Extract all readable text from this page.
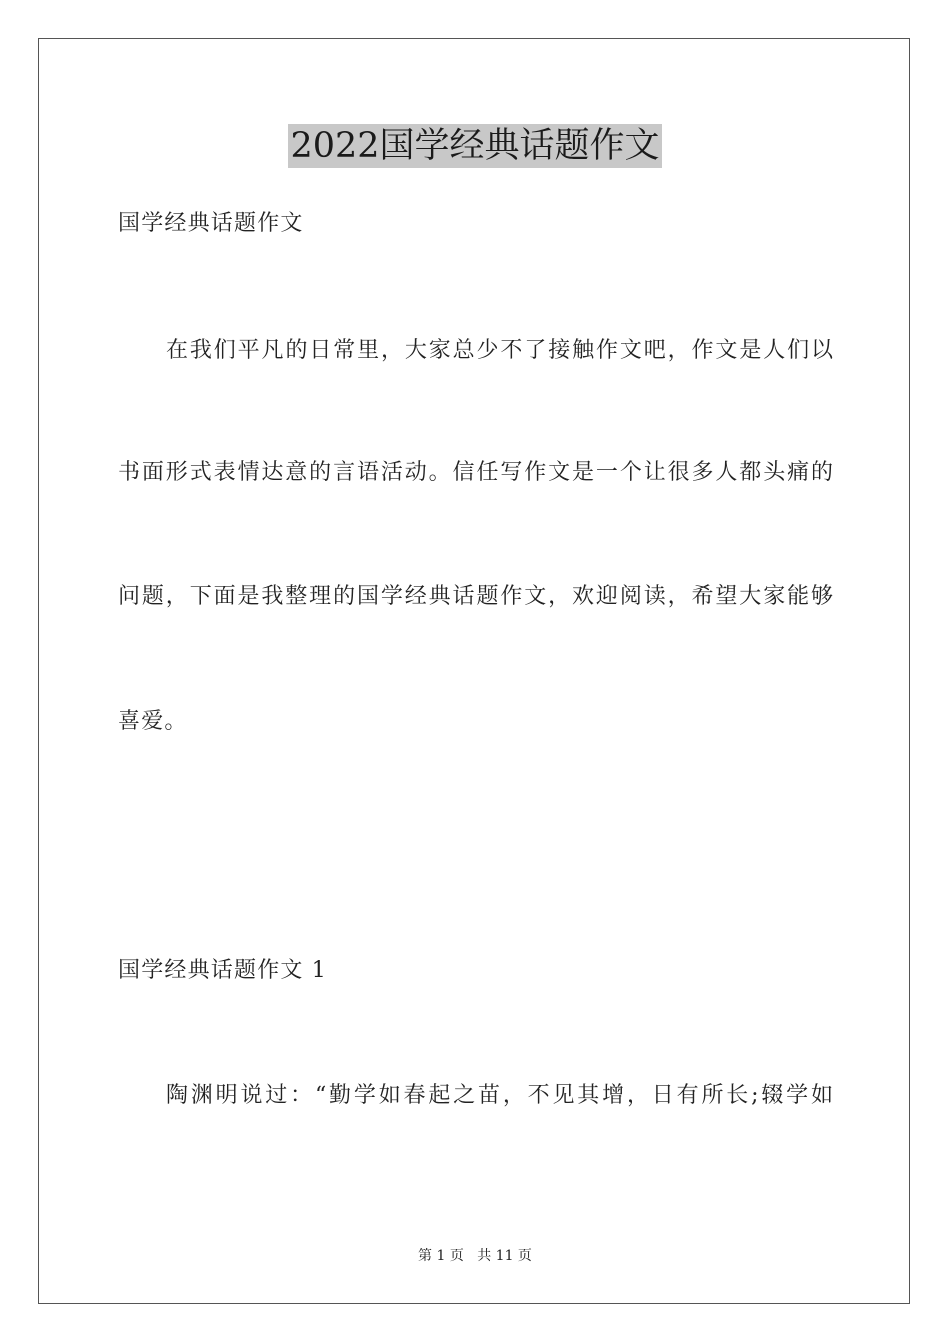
2022国学经典话题作文
国学经典话题作文
在我们平凡的日常里，大家总少不了接触作文吧，作文是人们以
书面形式表情达意的言语活动。信任写作文是一个让很多人都头痛的
问题，下面是我整理的国学经典话题作文，欢迎阅读，希望大家能够
喜爱。
国学经典话题作文 1
陶渊明说过：“勤学如春起之苗，不见其增，日有所长;辍学如
第 1 页 共 11 页
